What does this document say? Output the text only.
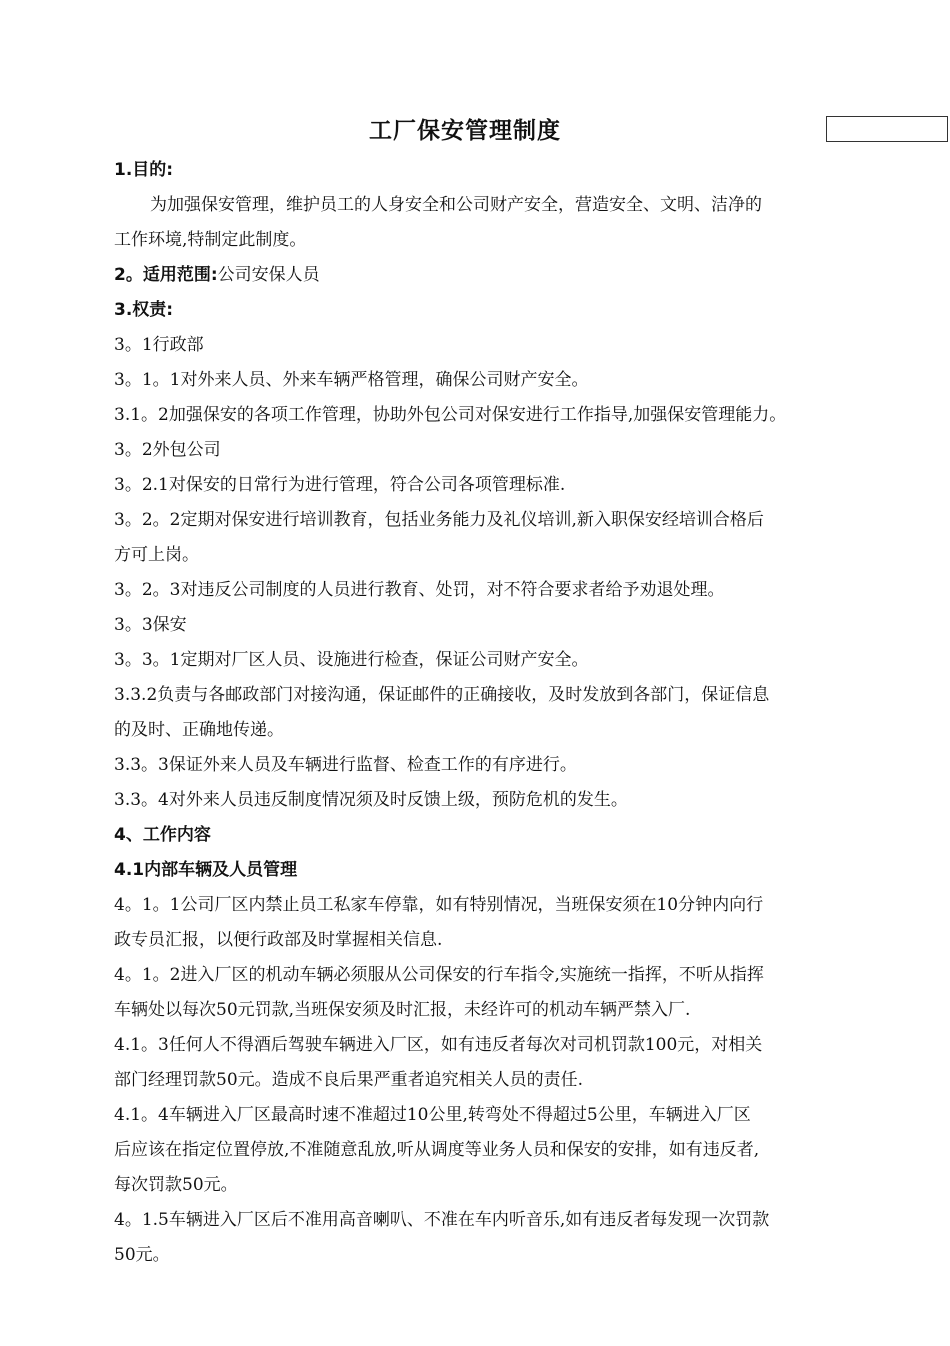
工厂保安管理制度
1.目的:
为加强保安管理，维护员工的人身安全和公司财产安全，营造安全、文明、洁净的
工作环境,特制定此制度。
2。适用范围:公司安保人员
3.权责:
3。1行政部
3。1。1对外来人员、外来车辆严格管理，确保公司财产安全。
3.1。2加强保安的各项工作管理，协助外包公司对保安进行工作指导,加强保安管理能力。
3。2外包公司
3。2.1对保安的日常行为进行管理，符合公司各项管理标准.
3。2。2定期对保安进行培训教育，包括业务能力及礼仪培训,新入职保安经培训合格后
方可上岗。
3。2。3对违反公司制度的人员进行教育、处罚，对不符合要求者给予劝退处理。
3。3保安
3。3。1定期对厂区人员、设施进行检查，保证公司财产安全。
3.3.2负责与各邮政部门对接沟通，保证邮件的正确接收，及时发放到各部门，保证信息
的及时、正确地传递。
3.3。3保证外来人员及车辆进行监督、检查工作的有序进行。
3.3。4对外来人员违反制度情况须及时反馈上级，预防危机的发生。
4、工作内容
4.1内部车辆及人员管理
4。1。1公司厂区内禁止员工私家车停靠，如有特别情况，当班保安须在10分钟内向行
政专员汇报，以便行政部及时掌握相关信息.
4。1。2进入厂区的机动车辆必须服从公司保安的行车指令,实施统一指挥，不听从指挥
车辆处以每次50元罚款,当班保安须及时汇报，未经许可的机动车辆严禁入厂.
4.1。3任何人不得酒后驾驶车辆进入厂区，如有违反者每次对司机罚款100元，对相关
部门经理罚款50元。造成不良后果严重者追究相关人员的责任.
4.1。4车辆进入厂区最高时速不准超过10公里,转弯处不得超过5公里，车辆进入厂区
后应该在指定位置停放,不准随意乱放,听从调度等业务人员和保安的安排，如有违反者,
每次罚款50元。
4。1.5车辆进入厂区后不准用高音喇叭、不准在车内听音乐,如有违反者每发现一次罚款
50元。
